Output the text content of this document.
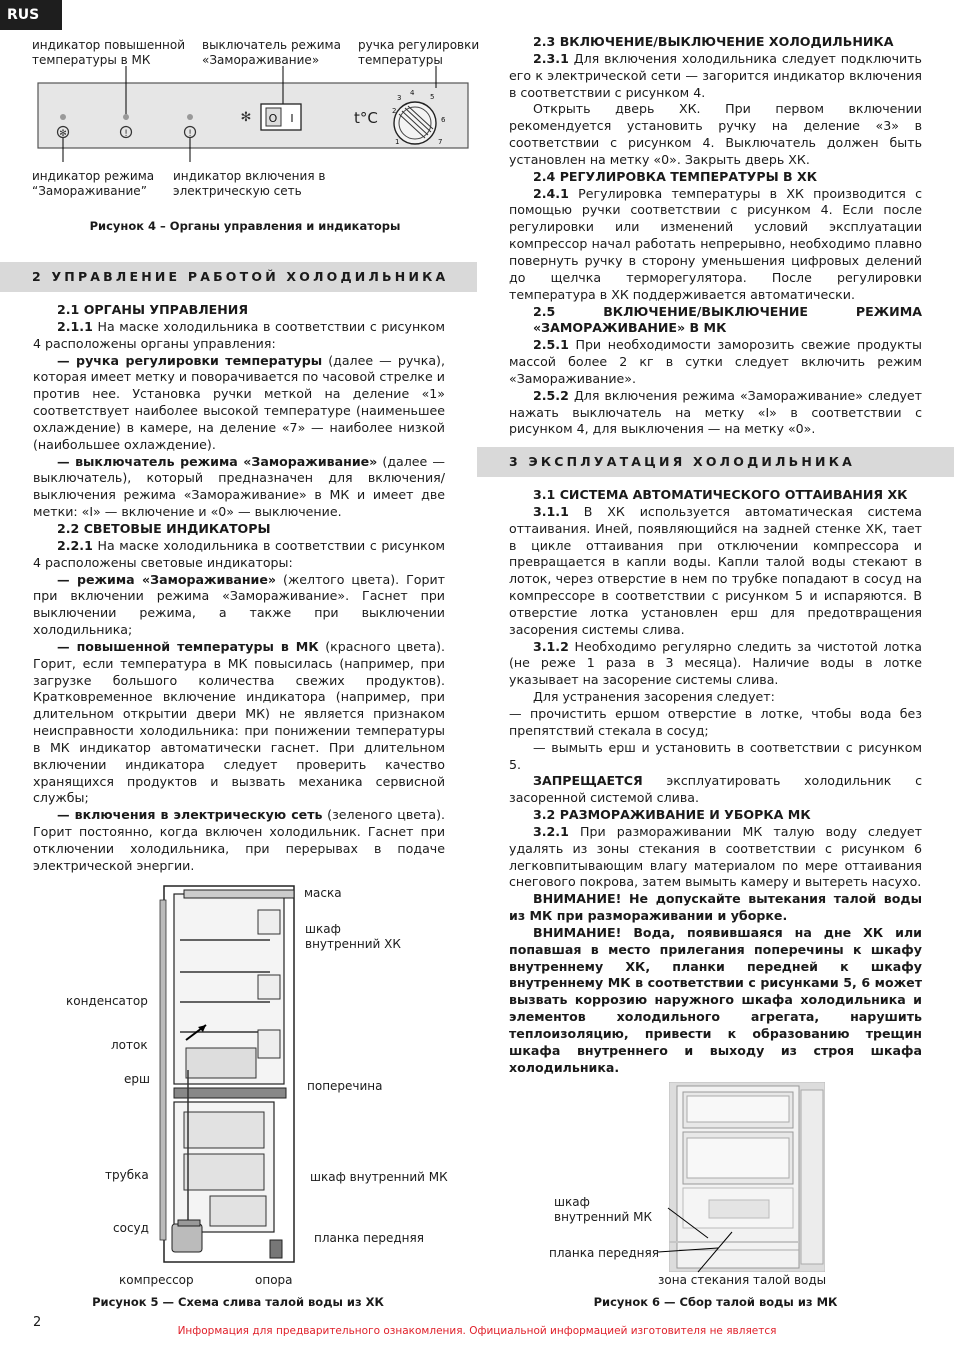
RUS
индикатор повышенной температуры в МК
выключатель режима «Замораживание»
ручка регулировки температуры
✻	!	!
✻ O I	t°C
1
2
3
4 5
6
7
индикатор режима “Замораживание”
индикатор включения в электрическую сеть
Рисунок 4 – Органы управления и индикаторы
2 УПРАВЛЕНИЕ РАБОТОЙ ХОЛОДИЛЬНИКА

2.1 ОРГАНЫ УПРАВЛЕНИЯ

2.1.1 На маске холодильника в соответствии с рисунком 4 расположены органы управления:

— ручка регулировки температуры (далее — ручка), которая имеет метку и поворачивается по часовой стрелке и против нее. Установка ручки меткой на деление «1» соответствует наиболее высокой температуре (наименьшее охлаждение) в камере, на деление «7» — наиболее низкой (наибольшее охлаждение).

— выключатель режима «Замораживание» (далее — выключатель), который предназначен для включения/выключения режима «Замораживание» в МК и имеет две метки: «I» — включение и «0» — выключение.

2.2 СВЕТОВЫЕ ИНДИКАТОРЫ

2.2.1 На маске холодильника в соответствии с рисунком 4 расположены световые индикаторы:

— режима «Замораживание» (желтого цвета). Горит при включении режима «Замораживание». Гаснет при выключении режима, а также при выключении холодильника;

— повышенной температуры в МК (красного цвета). Горит, если температура в МК повысилась (например, при загрузке большого количества свежих продуктов). Кратковременное включение индикатора (например, при длительном открытии двери МК) не является признаком неисправности холодильника: при понижении температуры в МК индикатор автоматически гаснет. При длительном включении индикатора следует проверить качество хранящихся продуктов и вызвать механика сервисной службы;

— включения в электрическую сеть (зеленого цвета). Горит постоянно, когда включен холодильник. Гаснет при отключении холодильника, при перерывах в подаче электрической энергии.

маска
шкаф внутренний ХК
конденсатор
лоток
ерш	поперечина
трубка	шкаф внутренний МК
сосуд
планка передняя
компрессор	опора
Рисунок 5 — Схема слива талой воды из ХК

2.3 ВКЛЮЧЕНИЕ/ВЫКЛЮЧЕНИЕ ХОЛОДИЛЬНИКА

2.3.1 Для включения холодильника следует подключить его к электрической сети — загорится индикатор включения в соответствии с рисунком 4.

Открыть дверь ХК. При первом включении рекомендуется установить ручку на деление «3» в соответствии с рисунком 4. Выключатель должен быть установлен на метку «0». Закрыть дверь ХК.

2.4 РЕГУЛИРОВКА ТЕМПЕРАТУРЫ В ХК

2.4.1 Регулировка температуры в ХК производится с помощью ручки соответствии с рисунком 4. Если после регулировки или изменений условий эксплуатации компрессор начал работать непрерывно, необходимо плавно повернуть ручку в сторону уменьшения цифровых делений до щелчка терморегулятора. После регулировки температура в ХК поддерживается автоматически.

2.5 ВКЛЮЧЕНИЕ/ВЫКЛЮЧЕНИЕ РЕЖИМА «ЗАМОРАЖИВАНИЕ» В МК

2.5.1 При необходимости заморозить свежие продукты массой более 2 кг в сутки следует включить режим «Замораживание».

2.5.2 Для включения режима «Замораживание» следует нажать выключатель на метку «I» в соответствии с рисунком 4, для выключения — на метку «0».

3 ЭКСПЛУАТАЦИЯ ХОЛОДИЛЬНИКА

3.1 СИСТЕМА АВТОМАТИЧЕСКОГО ОТТАИВАНИЯ ХК

3.1.1 В ХК используется автоматическая система оттаивания. Иней, появляющийся на задней стенке ХК, тает в цикле оттаивания при отключении компрессора и превращается в капли воды. Капли талой воды стекают в лоток, через отверстие в нем по трубке попадают в сосуд на компрессоре в соответствии с рисунком 5 и испаряются. В отверстие лотка установлен ерш для предотвращения засорения системы слива.

3.1.2 Необходимо регулярно следить за чистотой лотка (не реже 1 раза в 3 месяца). Наличие воды в лотке указывает на засорение системы слива.

Для устранения засорения следует:

— прочистить ершом отверстие в лотке, чтобы вода без препятствий стекала в сосуд;

— вымыть ерш и установить в соответствии с рисунком 5.

ЗАПРЕЩАЕТСЯ эксплуатировать холодильник с засоренной системой слива.

3.2 РАЗМОРАЖИВАНИЕ И УБОРКА МК

3.2.1 При размораживании МК талую воду следует удалять из зоны стекания в соответствии с рисунком 6 легковпитывающим влагу материалом по мере оттаивания снегового покрова, затем вымыть камеру и вытереть насухо.

ВНИМАНИЕ! Не допускайте вытекания талой воды из МК при размораживании и уборке.

ВНИМАНИЕ! Вода, появившаяся на дне ХК или попавшая в место прилегания поперечины к шкафу внутреннему ХК, планки передней к шкафу внутреннему МК в соответствии с рисунками 5, 6 может вызвать коррозию наружного шкафа холодильника и элементов холодильного агрегата, нарушить теплоизоляцию, привести к образованию трещин шкафа внутреннего и выходу из строя шкафа холодильника.

шкаф внутренний МК
планка передняя
зона стекания талой воды
Рисунок 6 — Сбор талой воды из МК
2
Информация для предварительного ознакомления. Официальной информацией изготовителя не является
